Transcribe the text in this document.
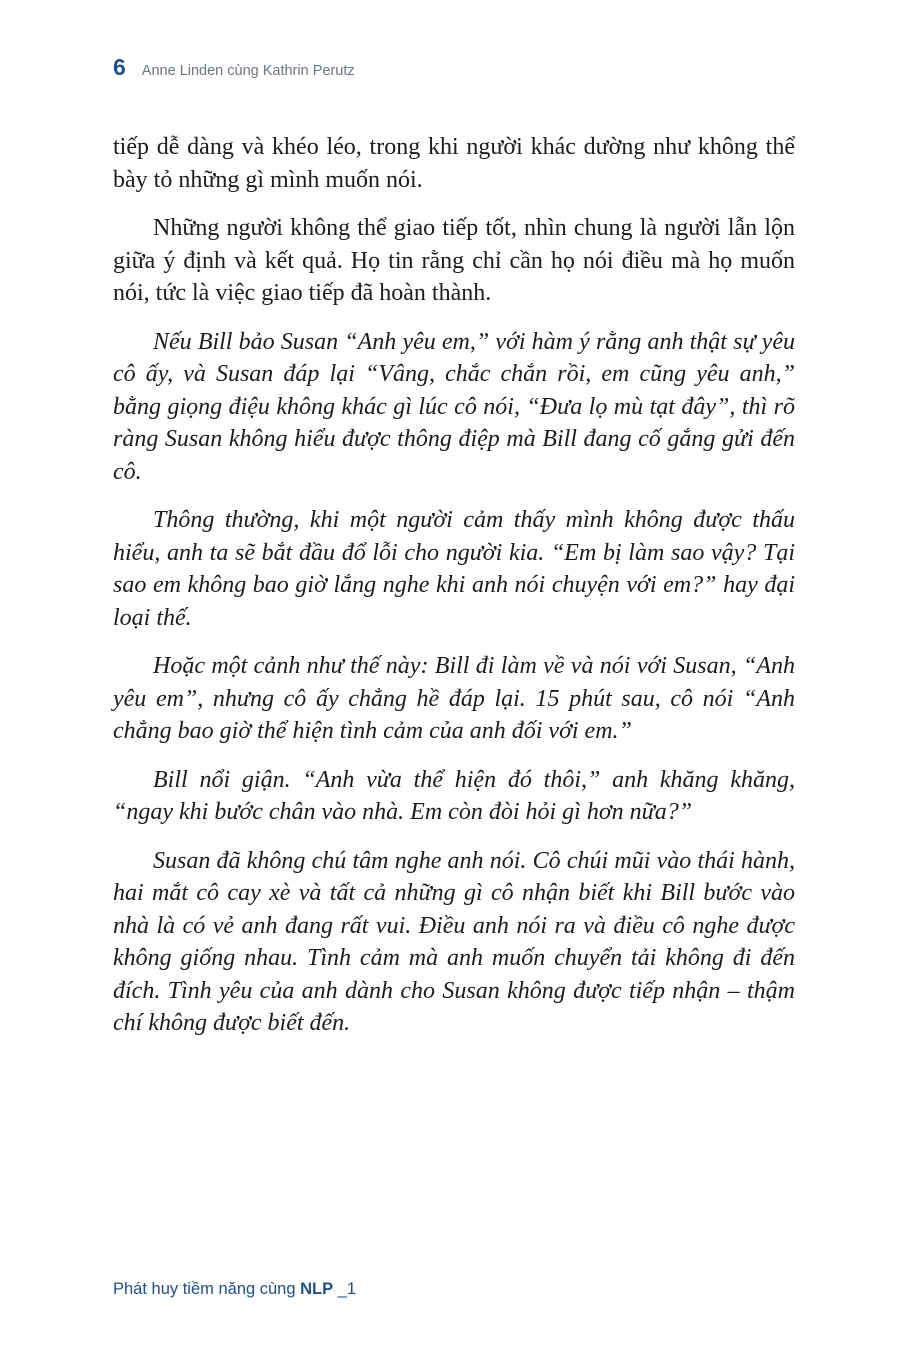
6 Anne Linden cùng Kathrin Perutz

tiếp dễ dàng và khéo léo, trong khi người khác dường như không thể bày tỏ những gì mình muốn nói.

Những người không thể giao tiếp tốt, nhìn chung là người lẫn lộn giữa ý định và kết quả. Họ tin rằng chỉ cần họ nói điều mà họ muốn nói, tức là việc giao tiếp đã hoàn thành.

Nếu Bill bảo Susan “Anh yêu em,” với hàm ý rằng anh thật sự yêu cô ấy, và Susan đáp lại “Vâng, chắc chắn rồi, em cũng yêu anh,” bằng giọng điệu không khác gì lúc cô nói, “Đưa lọ mù tạt đây”, thì rõ ràng Susan không hiểu được thông điệp mà Bill đang cố gắng gửi đến cô.

Thông thường, khi một người cảm thấy mình không được thấu hiểu, anh ta sẽ bắt đầu đổ lỗi cho người kia. “Em bị làm sao vậy? Tại sao em không bao giờ lắng nghe khi anh nói chuyện với em?” hay đại loại thế.

Hoặc một cảnh như thế này: Bill đi làm về và nói với Susan, “Anh yêu em”, nhưng cô ấy chẳng hề đáp lại. 15 phút sau, cô nói “Anh chẳng bao giờ thể hiện tình cảm của anh đối với em.”

Bill nổi giận. “Anh vừa thể hiện đó thôi,” anh khăng khăng, “ngay khi bước chân vào nhà. Em còn đòi hỏi gì hơn nữa?”

Susan đã không chú tâm nghe anh nói. Cô chúi mũi vào thái hành, hai mắt cô cay xè và tất cả những gì cô nhận biết khi Bill bước vào nhà là có vẻ anh đang rất vui. Điều anh nói ra và điều cô nghe được không giống nhau. Tình cảm mà anh muốn chuyển tải không đi đến đích. Tình yêu của anh dành cho Susan không được tiếp nhận – thậm chí không được biết đến.

Phát huy tiềm năng cùng NLP _1
